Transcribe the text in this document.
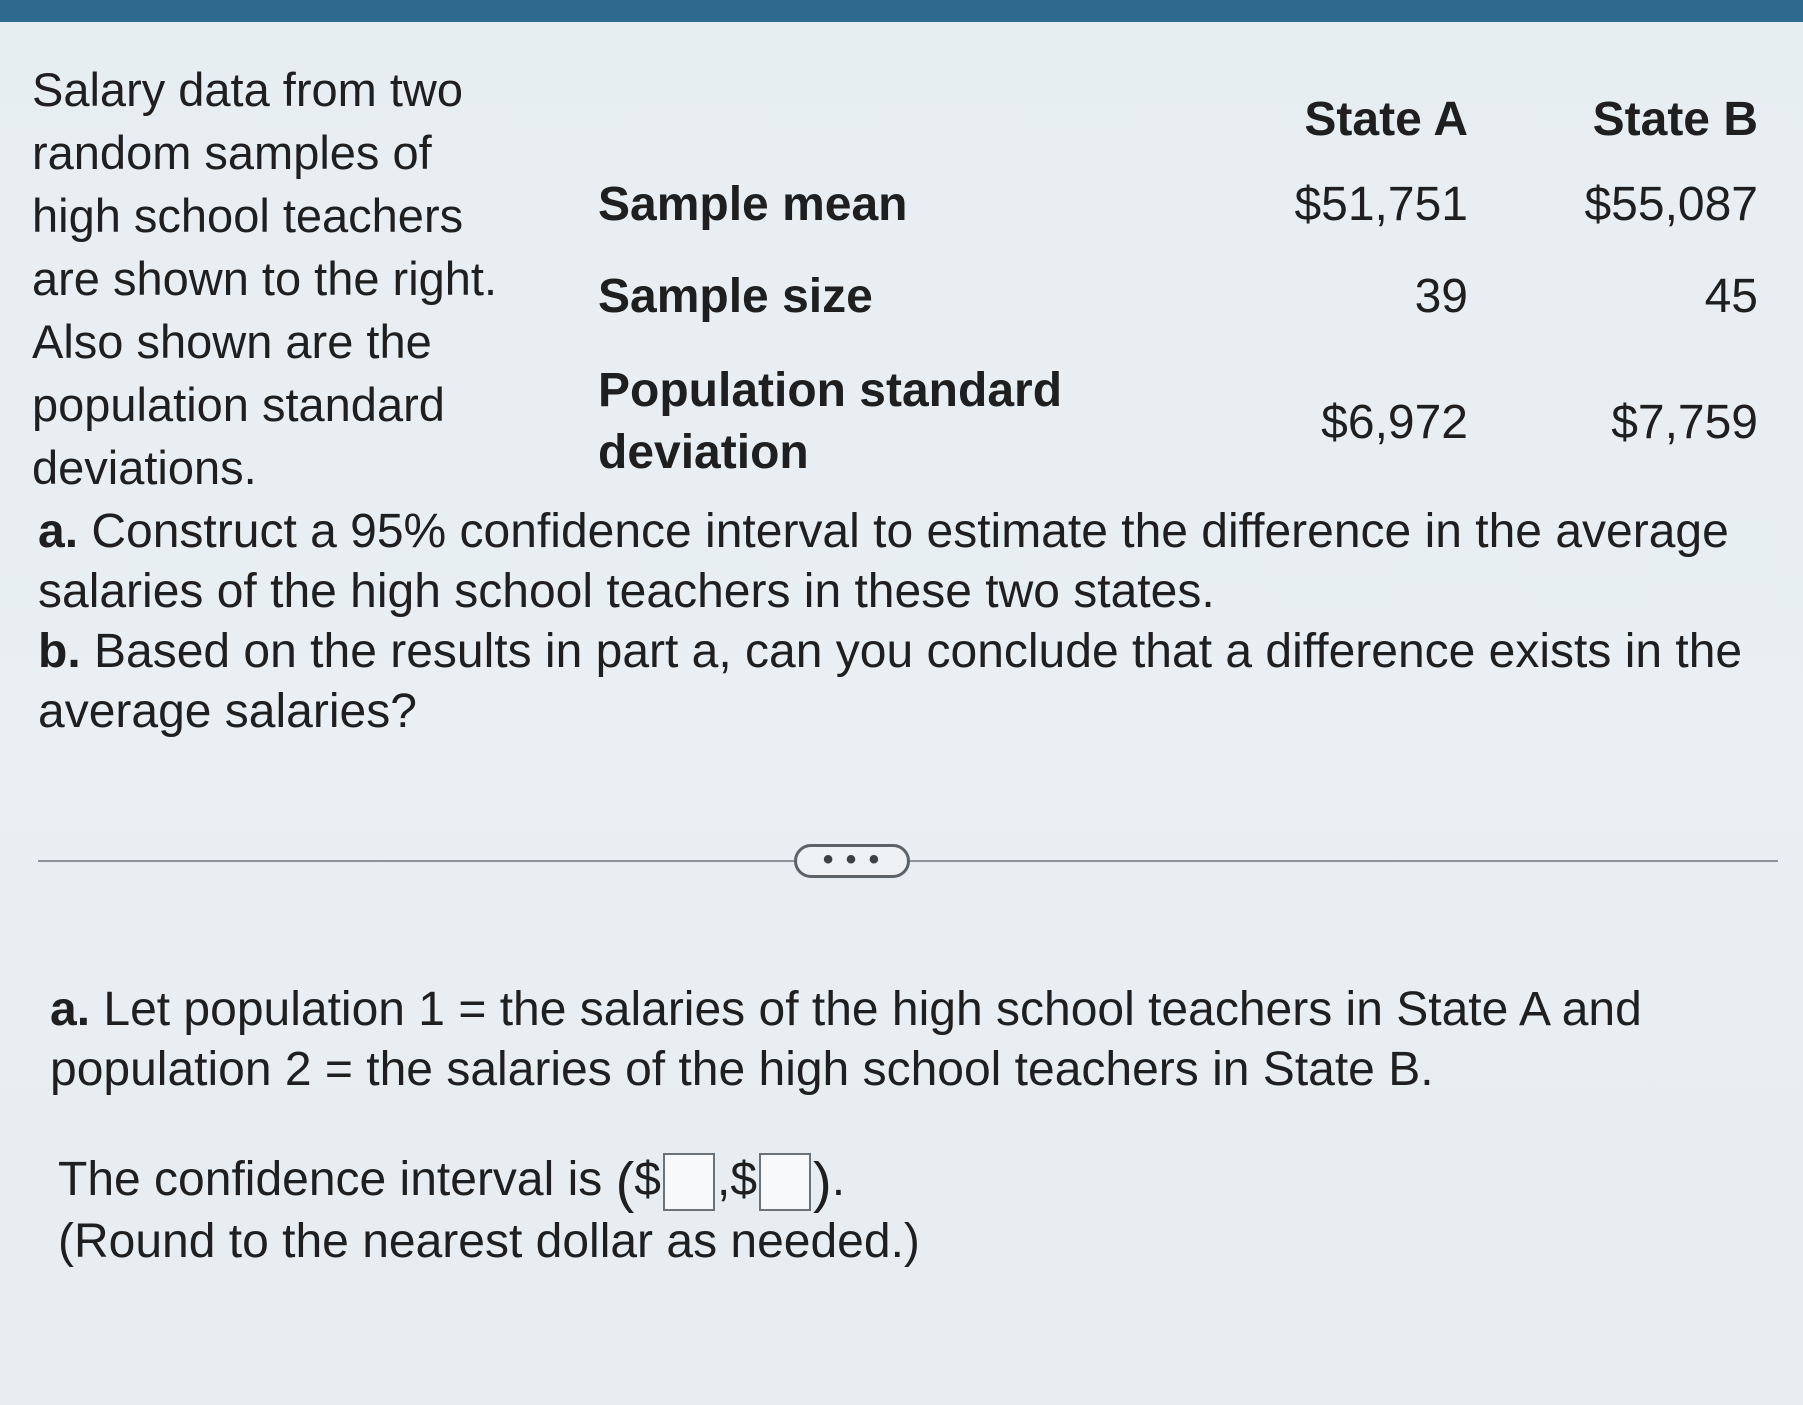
Salary data from two random samples of high school teachers are shown to the right. Also shown are the population standard deviations.
	State A	State B
Sample mean	$51,751	$55,087
Sample size	39	45
Population standard deviation	$6,972	$7,759

a. Construct a 95% confidence interval to estimate the difference in the average salaries of the high school teachers in these two states.

b. Based on the results in part a, can you conclude that a difference exists in the average salaries?

• • •

a. Let population 1 = the salaries of the high school teachers in State A and population 2 = the salaries of the high school teachers in State B.

The confidence interval is ($ ,$ ).

(Round to the nearest dollar as needed.)
